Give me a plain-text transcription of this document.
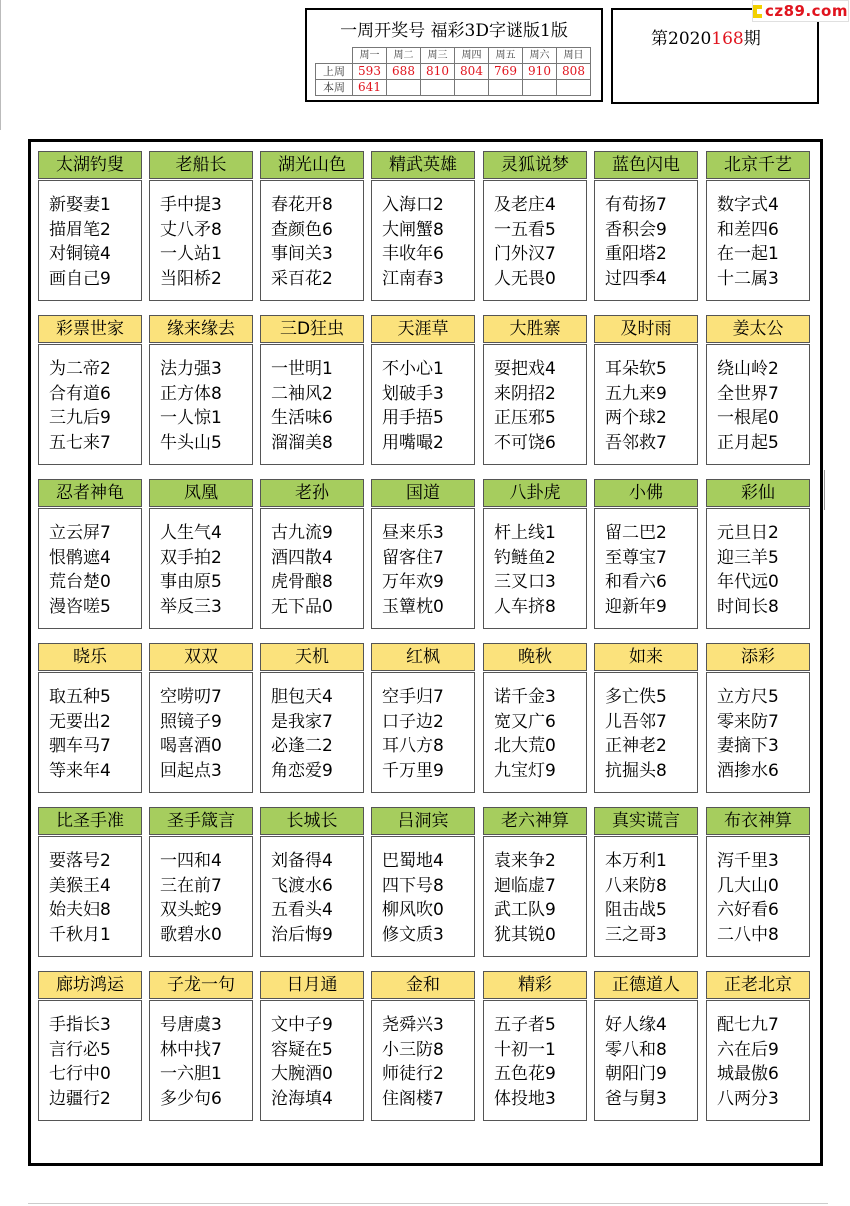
一周开奖号 福彩3D字谜版1版
	周一	周二	周三	周四	周五	周六	周日
上周	593	688	810	804	769	910	808
本周	641						
第2020168期
cz89.com
太湖钓叟
新娶妻1
描眉笔2
对铜镜4
画自己9
老船长
手中提3
丈八矛8
一人站1
当阳桥2
湖光山色
春花开8
查颜色6
事间关3
采百花2
精武英雄
入海口2
大闸蟹8
丰收年6
江南春3
灵狐说梦
及老庄4
一五看5
门外汉7
人无畏0
蓝色闪电
有荀扬7
香积会9
重阳塔2
过四季4
北京千艺
数字式4
和差四6
在一起1
十二属3
彩票世家
为二帝2
合有道6
三九后9
五七来7
缘来缘去
法力强3
正方体8
一人惊1
牛头山5
三D狂虫
一世明1
二袖风2
生活味6
溜溜美8
天涯草
不小心1
划破手3
用手捂5
用嘴嘬2
大胜寨
耍把戏4
来阴招2
正压邪5
不可饶6
及时雨
耳朵软5
五九来9
两个球2
吾邻救7
姜太公
绕山岭2
全世界7
一根尾0
正月起5
忍者神龟
立云屏7
恨鹘遮4
荒台楚0
漫咨嗟5
凤凰
人生气4
双手拍2
事由原5
举反三3
老孙
古九流9
酒四散4
虎骨酿8
无下品0
国道
昼来乐3
留客住7
万年欢9
玉簟枕0
八卦虎
杆上线1
钓鲢鱼2
三叉口3
人车挤8
小佛
留二巴2
至尊宝7
和看六6
迎新年9
彩仙
元旦日2
迎三羊5
年代远0
时间长8
晓乐
取五种5
无要出2
驷车马7
等来年4
双双
空唠叨7
照镜子9
喝喜酒0
回起点3
天机
胆包天4
是我家7
必逢二2
角恋爱9
红枫
空手归7
口子边2
耳八方8
千万里9
晚秋
诺千金3
宽又广6
北大荒0
九宝灯9
如来
多亡佚5
儿吾邻7
正神老2
抗掘头8
添彩
立方尺5
零来防7
妻摘下3
酒掺水6
比圣手准
要落号2
美猴王4
始夫妇8
千秋月1
圣手箴言
一四和4
三在前7
双头蛇9
歌碧水0
长城长
刘备得4
飞渡水6
五看头4
治后悔9
吕洞宾
巴蜀地4
四下号8
柳风吹0
修文质3
老六神算
袁来争2
迴临虚7
武工队9
犹其锐0
真实谎言
本万利1
八来防8
阻击战5
三之哥3
布衣神算
泻千里3
几大山0
六好看6
二八中8
廊坊鸿运
手指长3
言行必5
七行中0
边疆行2
子龙一句
号唐虞3
林中找7
一六胆1
多少句6
日月通
文中子9
容疑在5
大腕酒0
沧海填4
金和
尧舜兴3
小三防8
师徒行2
住阁楼7
精彩
五子者5
十初一1
五色花9
体投地3
正德道人
好人缘4
零八和8
朝阳门9
爸与舅3
正老北京
配七九7
六在后9
城最傲6
八两分3
